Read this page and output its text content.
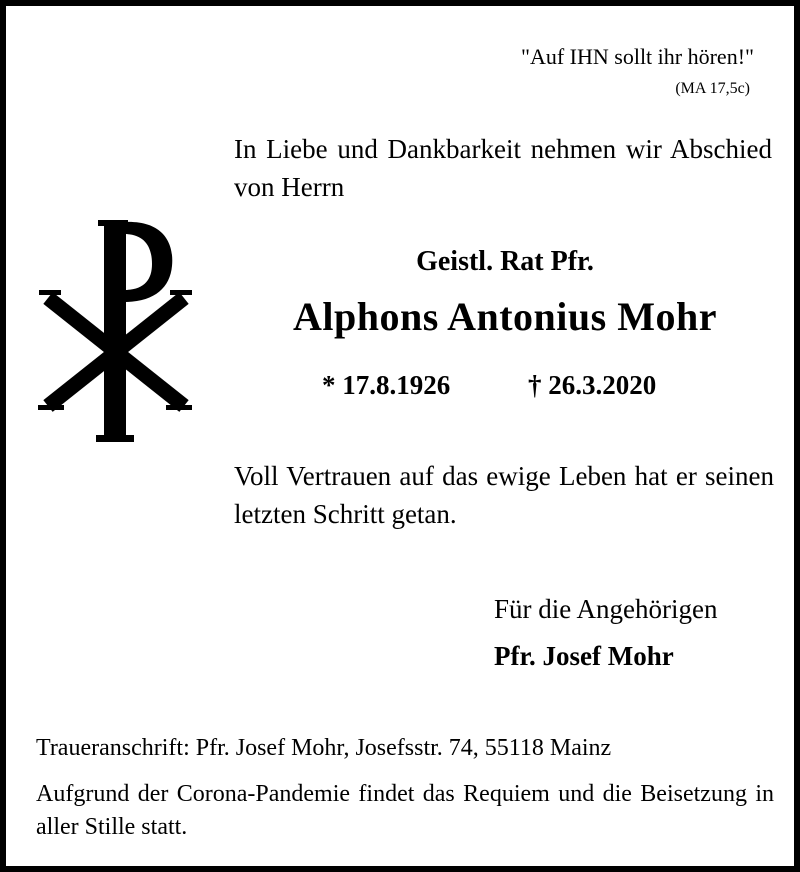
"Auf IHN sollt ihr hören!"

(MA 17,5c)

In Liebe und Dankbarkeit nehmen wir Abschied von Herrn

Geistl. Rat Pfr.

Alphons Antonius Mohr

* 17.8.1926	† 26.3.2020

Voll Vertrauen auf das ewige Leben hat er seinen letzten Schritt getan.

Für die Angehörigen

Pfr. Josef Mohr

Traueranschrift: Pfr. Josef Mohr, Josefsstr. 74, 55118 Mainz

Aufgrund der Corona-Pandemie findet das Requiem und die Beisetzung in aller Stille statt.
